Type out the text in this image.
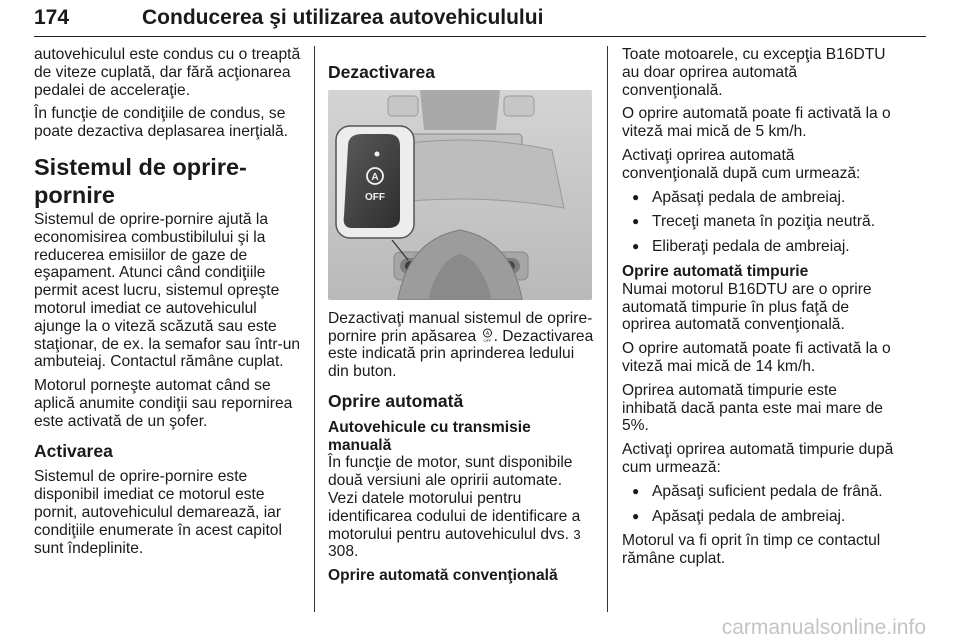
174	Conducerea şi utilizarea autovehiculului

autovehiculul este condus cu o treaptă de viteze cuplată, dar fără acţionarea pedalei de acceleraţie.

În funcţie de condiţiile de condus, se poate dezactiva deplasarea inerţială.

Sistemul de oprire-pornire

Sistemul de oprire-pornire ajută la economisirea combustibilului şi la reducerea emisiilor de gaze de eşapament. Atunci când condiţiile permit acest lucru, sistemul opreşte motorul imediat ce autovehiculul ajunge la o viteză scăzută sau este staţionar, de ex. la semafor sau într-un ambuteiaj. Contactul rămâne cuplat.

Motorul porneşte automat când se aplică anumite condiţii sau repornirea este activată de un şofer.

Activarea

Sistemul de oprire-pornire este disponibil imediat ce motorul este pornit, autovehiculul demarează, iar condiţiile enumerate în acest capitol sunt îndeplinite.

Dezactivarea
A
OFF

Dezactivaţi manual sistemul de oprire-pornire prin apăsarea A
OFF . Dezactivarea este indicată prin aprinderea ledului din buton.

Oprire automată
Autovehicule cu transmisie manuală

În funcţie de motor, sunt disponibile două versiuni ale opririi automate. Vezi datele motorului pentru identificarea codului de identificare a motorului pentru autovehiculul dvs. 3 308.

Oprire automată convenţională

Toate motoarele, cu excepţia B16DTU au doar oprirea automată convenţională.

O oprire automată poate fi activată la o viteză mai mică de 5 km/h.

Activaţi oprirea automată convenţională după cum urmează:

● Apăsaţi pedala de ambreiaj.
● Treceţi maneta în poziţia neutră.
● Eliberaţi pedala de ambreiaj.
Oprire automată timpurie

Numai motorul B16DTU are o oprire automată timpurie în plus faţă de oprirea automată convenţională.

O oprire automată poate fi activată la o viteză mai mică de 14 km/h.

Oprirea automată timpurie este inhibată dacă panta este mai mare de 5%.

Activaţi oprirea automată timpurie după cum urmează:

● Apăsaţi suficient pedala de frână.
● Apăsaţi pedala de ambreiaj.

Motorul va fi oprit în timp ce contactul rămâne cuplat.

carmanualsonline.info
